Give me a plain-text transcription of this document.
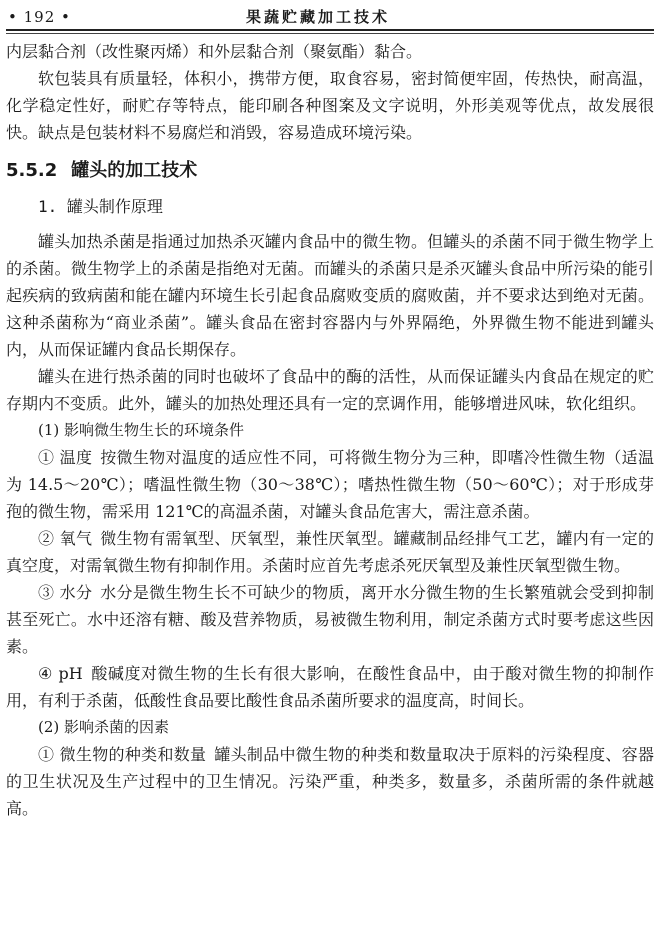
• 192 •	果蔬贮藏加工技术

内层黏合剂（改性聚丙烯）和外层黏合剂（聚氨酯）黏合。

软包装具有质量轻，体积小，携带方便，取食容易，密封简便牢固，传热快，耐高温，化学稳定性好，耐贮存等特点，能印刷各种图案及文字说明，外形美观等优点，故发展很快。缺点是包装材料不易腐烂和消毁，容易造成环境污染。

5.5.2 罐头的加工技术
1. 罐头制作原理

罐头加热杀菌是指通过加热杀灭罐内食品中的微生物。但罐头的杀菌不同于微生物学上的杀菌。微生物学上的杀菌是指绝对无菌。而罐头的杀菌只是杀灭罐头食品中所污染的能引起疾病的致病菌和能在罐内环境生长引起食品腐败变质的腐败菌，并不要求达到绝对无菌。这种杀菌称为“商业杀菌”。罐头食品在密封容器内与外界隔绝，外界微生物不能进到罐头内，从而保证罐内食品长期保存。

罐头在进行热杀菌的同时也破坏了食品中的酶的活性，从而保证罐头内食品在规定的贮存期内不变质。此外，罐头的加热处理还具有一定的烹调作用，能够增进风味，软化组织。

(1) 影响微生物生长的环境条件

① 温度 按微生物对温度的适应性不同，可将微生物分为三种，即嗜冷性微生物（适温为 14.5～20℃）；嗜温性微生物（30～38℃）；嗜热性微生物（50～60℃）；对于形成芽孢的微生物，需采用 121℃的高温杀菌，对罐头食品危害大，需注意杀菌。

② 氧气 微生物有需氧型、厌氧型，兼性厌氧型。罐藏制品经排气工艺，罐内有一定的真空度，对需氧微生物有抑制作用。杀菌时应首先考虑杀死厌氧型及兼性厌氧型微生物。

③ 水分 水分是微生物生长不可缺少的物质，离开水分微生物的生长繁殖就会受到抑制甚至死亡。水中还溶有糖、酸及营养物质，易被微生物利用，制定杀菌方式时要考虑这些因素。

④ pH 酸碱度对微生物的生长有很大影响，在酸性食品中，由于酸对微生物的抑制作用，有利于杀菌，低酸性食品要比酸性食品杀菌所要求的温度高，时间长。

(2) 影响杀菌的因素

① 微生物的种类和数量 罐头制品中微生物的种类和数量取决于原料的污染程度、容器的卫生状况及生产过程中的卫生情况。污染严重，种类多，数量多，杀菌所需的条件就越高。
